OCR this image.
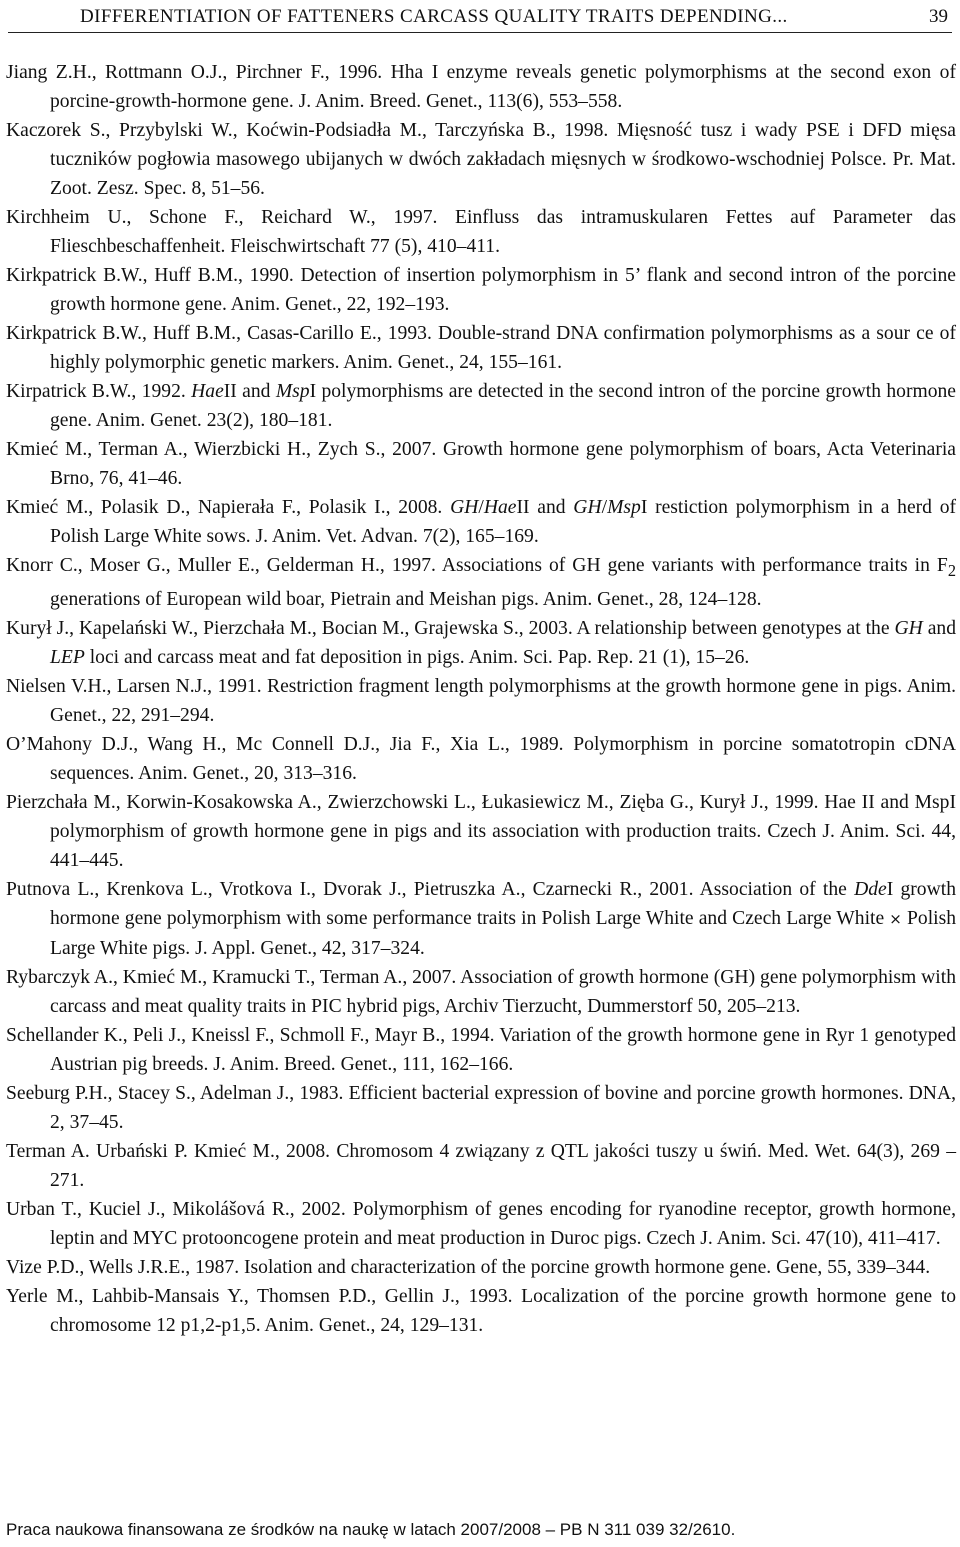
DIFFERENTIATION OF FATTENERS CARCASS QUALITY TRAITS DEPENDING...	39
Jiang Z.H., Rottmann O.J., Pirchner F., 1996. Hha I enzyme reveals genetic polymorphisms at the second exon of porcine-growth-hormone gene. J. Anim. Breed. Genet., 113(6), 553–558.
Kaczorek S., Przybylski W., Koćwin-Podsiadła M., Tarczyńska B., 1998. Mięsność tusz i wady PSE i DFD mięsa tuczników pogłowia masowego ubijanych w dwóch zakładach mięsnych w środkowo-wschodniej Polsce. Pr. Mat. Zoot. Zesz. Spec. 8, 51–56.
Kirchheim U., Schone F., Reichard W., 1997. Einfluss das intramuskularen Fettes auf Parameter das Flieschbeschaffenheit. Fleischwirtschaft 77 (5), 410–411.
Kirkpatrick B.W., Huff B.M., 1990. Detection of insertion polymorphism in 5’ flank and second intron of the porcine growth hormone gene. Anim. Genet., 22, 192–193.
Kirkpatrick B.W., Huff B.M., Casas-Carillo E., 1993. Double-strand DNA confirmation polymorphisms as a sour ce of highly polymorphic genetic markers. Anim. Genet., 24, 155–161.
Kirpatrick B.W., 1992. HaeII and MspI polymorphisms are detected in the second intron of the porcine growth hormone gene. Anim. Genet. 23(2), 180–181.
Kmieć M., Terman A., Wierzbicki H., Zych S., 2007. Growth hormone gene polymorphism of boars, Acta Veterinaria Brno, 76, 41–46.
Kmieć M., Polasik D., Napierała F., Polasik I., 2008. GH/HaeII and GH/MspI restiction polymorphism in a herd of Polish Large White sows. J. Anim. Vet. Advan. 7(2), 165–169.
Knorr C., Moser G., Muller E., Gelderman H., 1997. Associations of GH gene variants with performance traits in $F_2$ generations of European wild boar, Pietrain and Meishan pigs. Anim. Genet., 28, 124–128.
Kurył J., Kapelański W., Pierzchała M., Bocian M., Grajewska S., 2003. A relationship between genotypes at the GH and LEP loci and carcass meat and fat deposition in pigs. Anim. Sci. Pap. Rep. 21 (1), 15–26.
Nielsen V.H., Larsen N.J., 1991. Restriction fragment length polymorphisms at the growth hormone gene in pigs. Anim. Genet., 22, 291–294.
O’Mahony D.J., Wang H., Mc Connell D.J., Jia F., Xia L., 1989. Polymorphism in porcine somatotropin cDNA sequences. Anim. Genet., 20, 313–316.
Pierzchała M., Korwin-Kosakowska A., Zwierzchowski L., Łukasiewicz M., Zięba G., Kurył J., 1999. Hae II and MspI polymorphism of growth hormone gene in pigs and its association with production traits. Czech J. Anim. Sci. 44, 441–445.
Putnova L., Krenkova L., Vrotkova I., Dvorak J., Pietruszka A., Czarnecki R., 2001. Association of the DdeI growth hormone gene polymorphism with some performance traits in Polish Large White and Czech Large White × Polish Large White pigs. J. Appl. Genet., 42, 317–324.
Rybarczyk A., Kmieć M., Kramucki T., Terman A., 2007. Association of growth hormone (GH) gene polymorphism with carcass and meat quality traits in PIC hybrid pigs, Archiv Tierzucht, Dummerstorf 50, 205–213.
Schellander K., Peli J., Kneissl F., Schmoll F., Mayr B., 1994. Variation of the growth hormone gene in Ryr 1 genotyped Austrian pig breeds. J. Anim. Breed. Genet., 111, 162–166.
Seeburg P.H., Stacey S., Adelman J., 1983. Efficient bacterial expression of bovine and porcine growth hormones. DNA, 2, 37–45.
Terman A. Urbański P. Kmieć M., 2008. Chromosom 4 związany z QTL jakości tuszy u świń. Med. Wet. 64(3), 269 – 271.
Urban T., Kuciel J., Mikolášová R., 2002. Polymorphism of genes encoding for ryanodine receptor, growth hormone, leptin and MYC protooncogene protein and meat production in Duroc pigs. Czech J. Anim. Sci. 47(10), 411–417.
Vize P.D., Wells J.R.E., 1987. Isolation and characterization of the porcine growth hormone gene. Gene, 55, 339–344.
Yerle M., Lahbib-Mansais Y., Thomsen P.D., Gellin J., 1993. Localization of the porcine growth hormone gene to chromosome 12 p1,2-p1,5. Anim. Genet., 24, 129–131.
Praca naukowa finansowana ze środków na naukę w latach 2007/2008 – PB N 311 039 32/2610.
